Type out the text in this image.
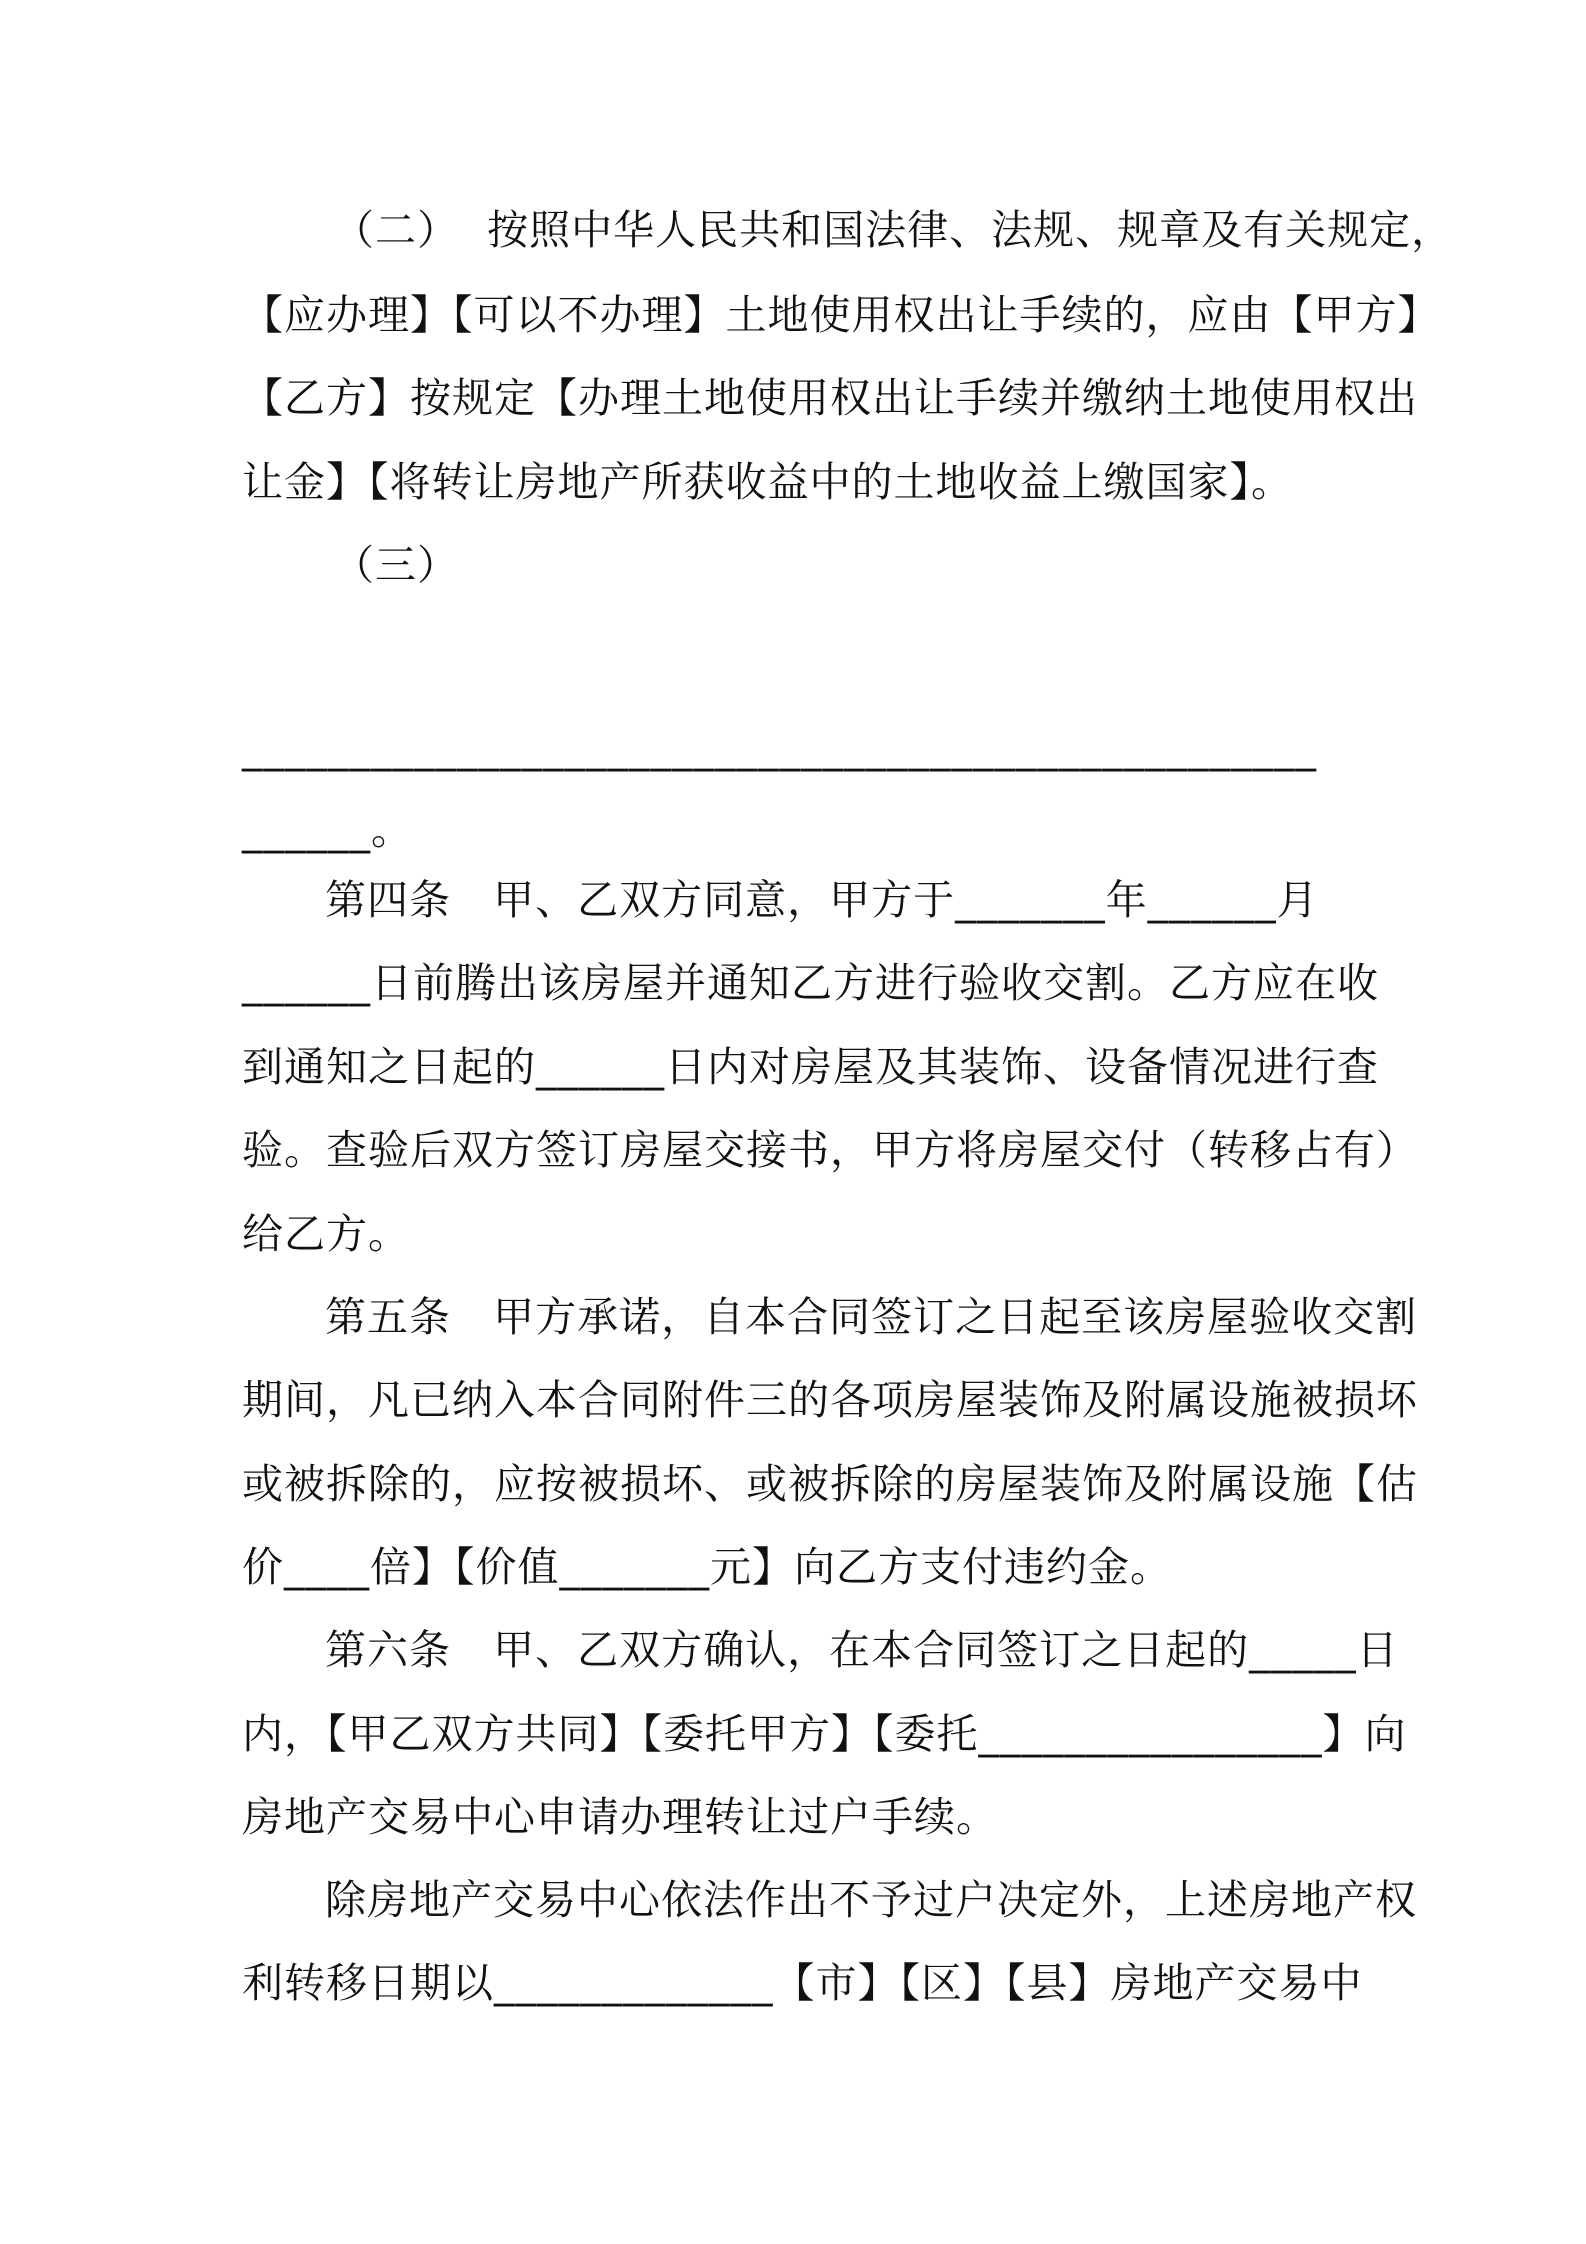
（二）  按照中华人民共和国法律、法规、规章及有关规定，
【应办理】【可以不办理】土地使用权出让手续的，应由【甲方】
【乙方】按规定【办理土地使用权出让手续并缴纳土地使用权出
让金】【将转让房地产所获收益中的土地收益上缴国家】。
（三）
__________________________________________________
______。
第四条   甲、乙双方同意，甲方于_______年______月
______日前腾出该房屋并通知乙方进行验收交割。乙方应在收
到通知之日起的______日内对房屋及其装饰、设备情况进行查
验。查验后双方签订房屋交接书，甲方将房屋交付（转移占有）
给乙方。
第五条   甲方承诺，自本合同签订之日起至该房屋验收交割
期间，凡已纳入本合同附件三的各项房屋装饰及附属设施被损坏
或被拆除的，应按被损坏、或被拆除的房屋装饰及附属设施【估
价____倍】【价值_______元】向乙方支付违约金。
第六条   甲、乙双方确认，在本合同签订之日起的_____日
内，【甲乙双方共同】【委托甲方】【委托________________】向
房地产交易中心申请办理转让过户手续。
除房地产交易中心依法作出不予过户决定外，上述房地产权
利转移日期以_____________【市】【区】【县】房地产交易中
